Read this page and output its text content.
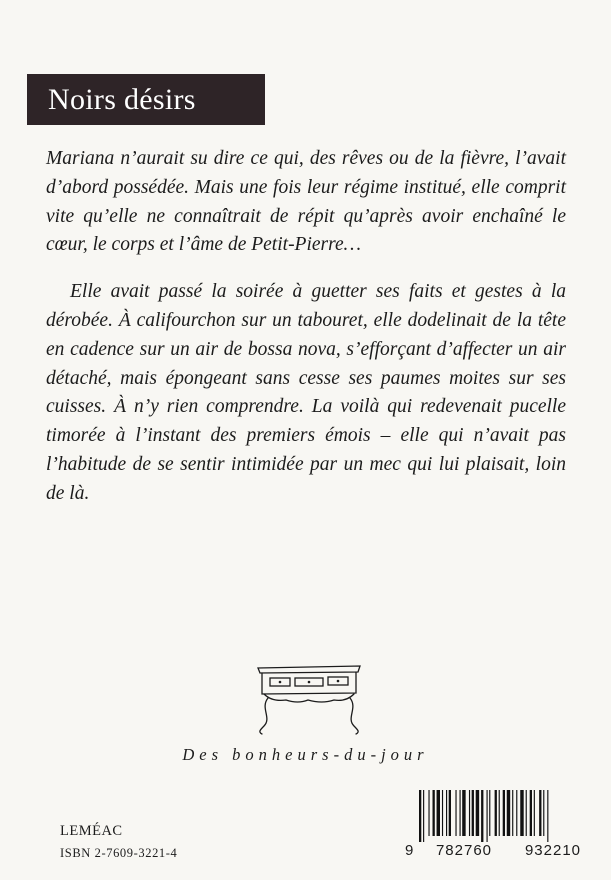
Noirs désirs

Mariana n’aurait su dire ce qui, des rêves ou de la fièvre, l’avait d’abord possédée. Mais une fois leur régime institué, elle comprit vite qu’elle ne connaîtrait de répit qu’après avoir enchaîné le cœur, le corps et l’âme de Petit-Pierre…

Elle avait passé la soirée à guetter ses faits et gestes à la dérobée. À califourchon sur un tabouret, elle dodelinait de la tête en cadence sur un air de bossa nova, s’efforçant d’affecter un air détaché, mais épongeant sans cesse ses paumes moites sur ses cuisses. À n’y rien comprendre. La voilà qui redevenait pucelle timorée à l’instant des premiers émois – elle qui n’avait pas l’habitude de se sentir intimidée par un mec qui lui plaisait, loin de là.

Des bonheurs-du-jour
LEMÉAC
ISBN 2-7609-3221-4	9 782760 932210
